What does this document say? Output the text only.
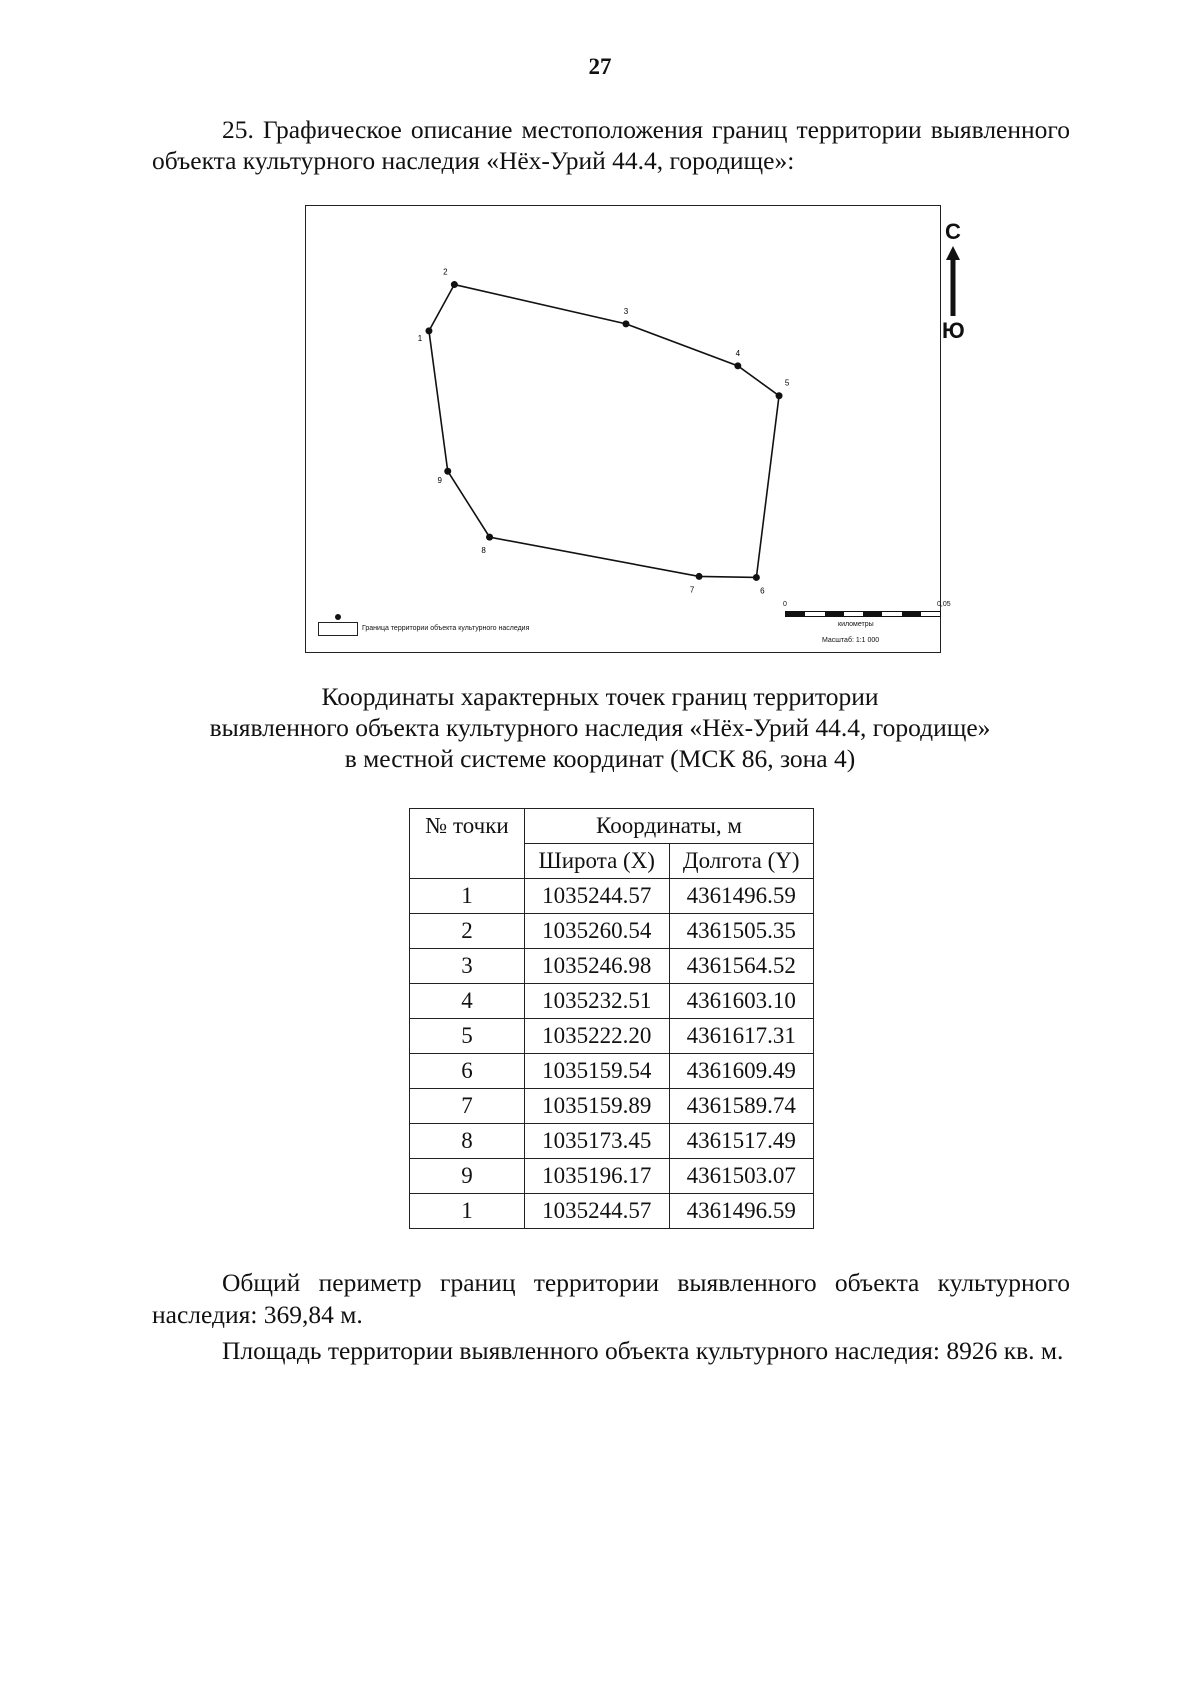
27

25. Графическое описание местоположения границ территории выявленного объекта культурного наследия «Нёх-Урий 44.4, городище»:

1
2
3
4
5
6
7
8
9
С
Ю
Граница территории объекта культурного наследия
0	0,05
километры
Масштаб: 1:1 000
Координаты характерных точек границ территории
выявленного объекта культурного наследия «Нёх-Урий 44.4, городище»
в местной системе координат (МСК 86, зона 4)
№ точки	Координаты, м	
	Широта (X)	Долгота (Y)
1	1035244.57	4361496.59
2	1035260.54	4361505.35
3	1035246.98	4361564.52
4	1035232.51	4361603.10
5	1035222.20	4361617.31
6	1035159.54	4361609.49
7	1035159.89	4361589.74
8	1035173.45	4361517.49
9	1035196.17	4361503.07
1	1035244.57	4361496.59
Общий периметр границ территории выявленного объекта культурного наследия: 369,84 м.
Площадь территории выявленного объекта культурного наследия: 8926 кв. м.
